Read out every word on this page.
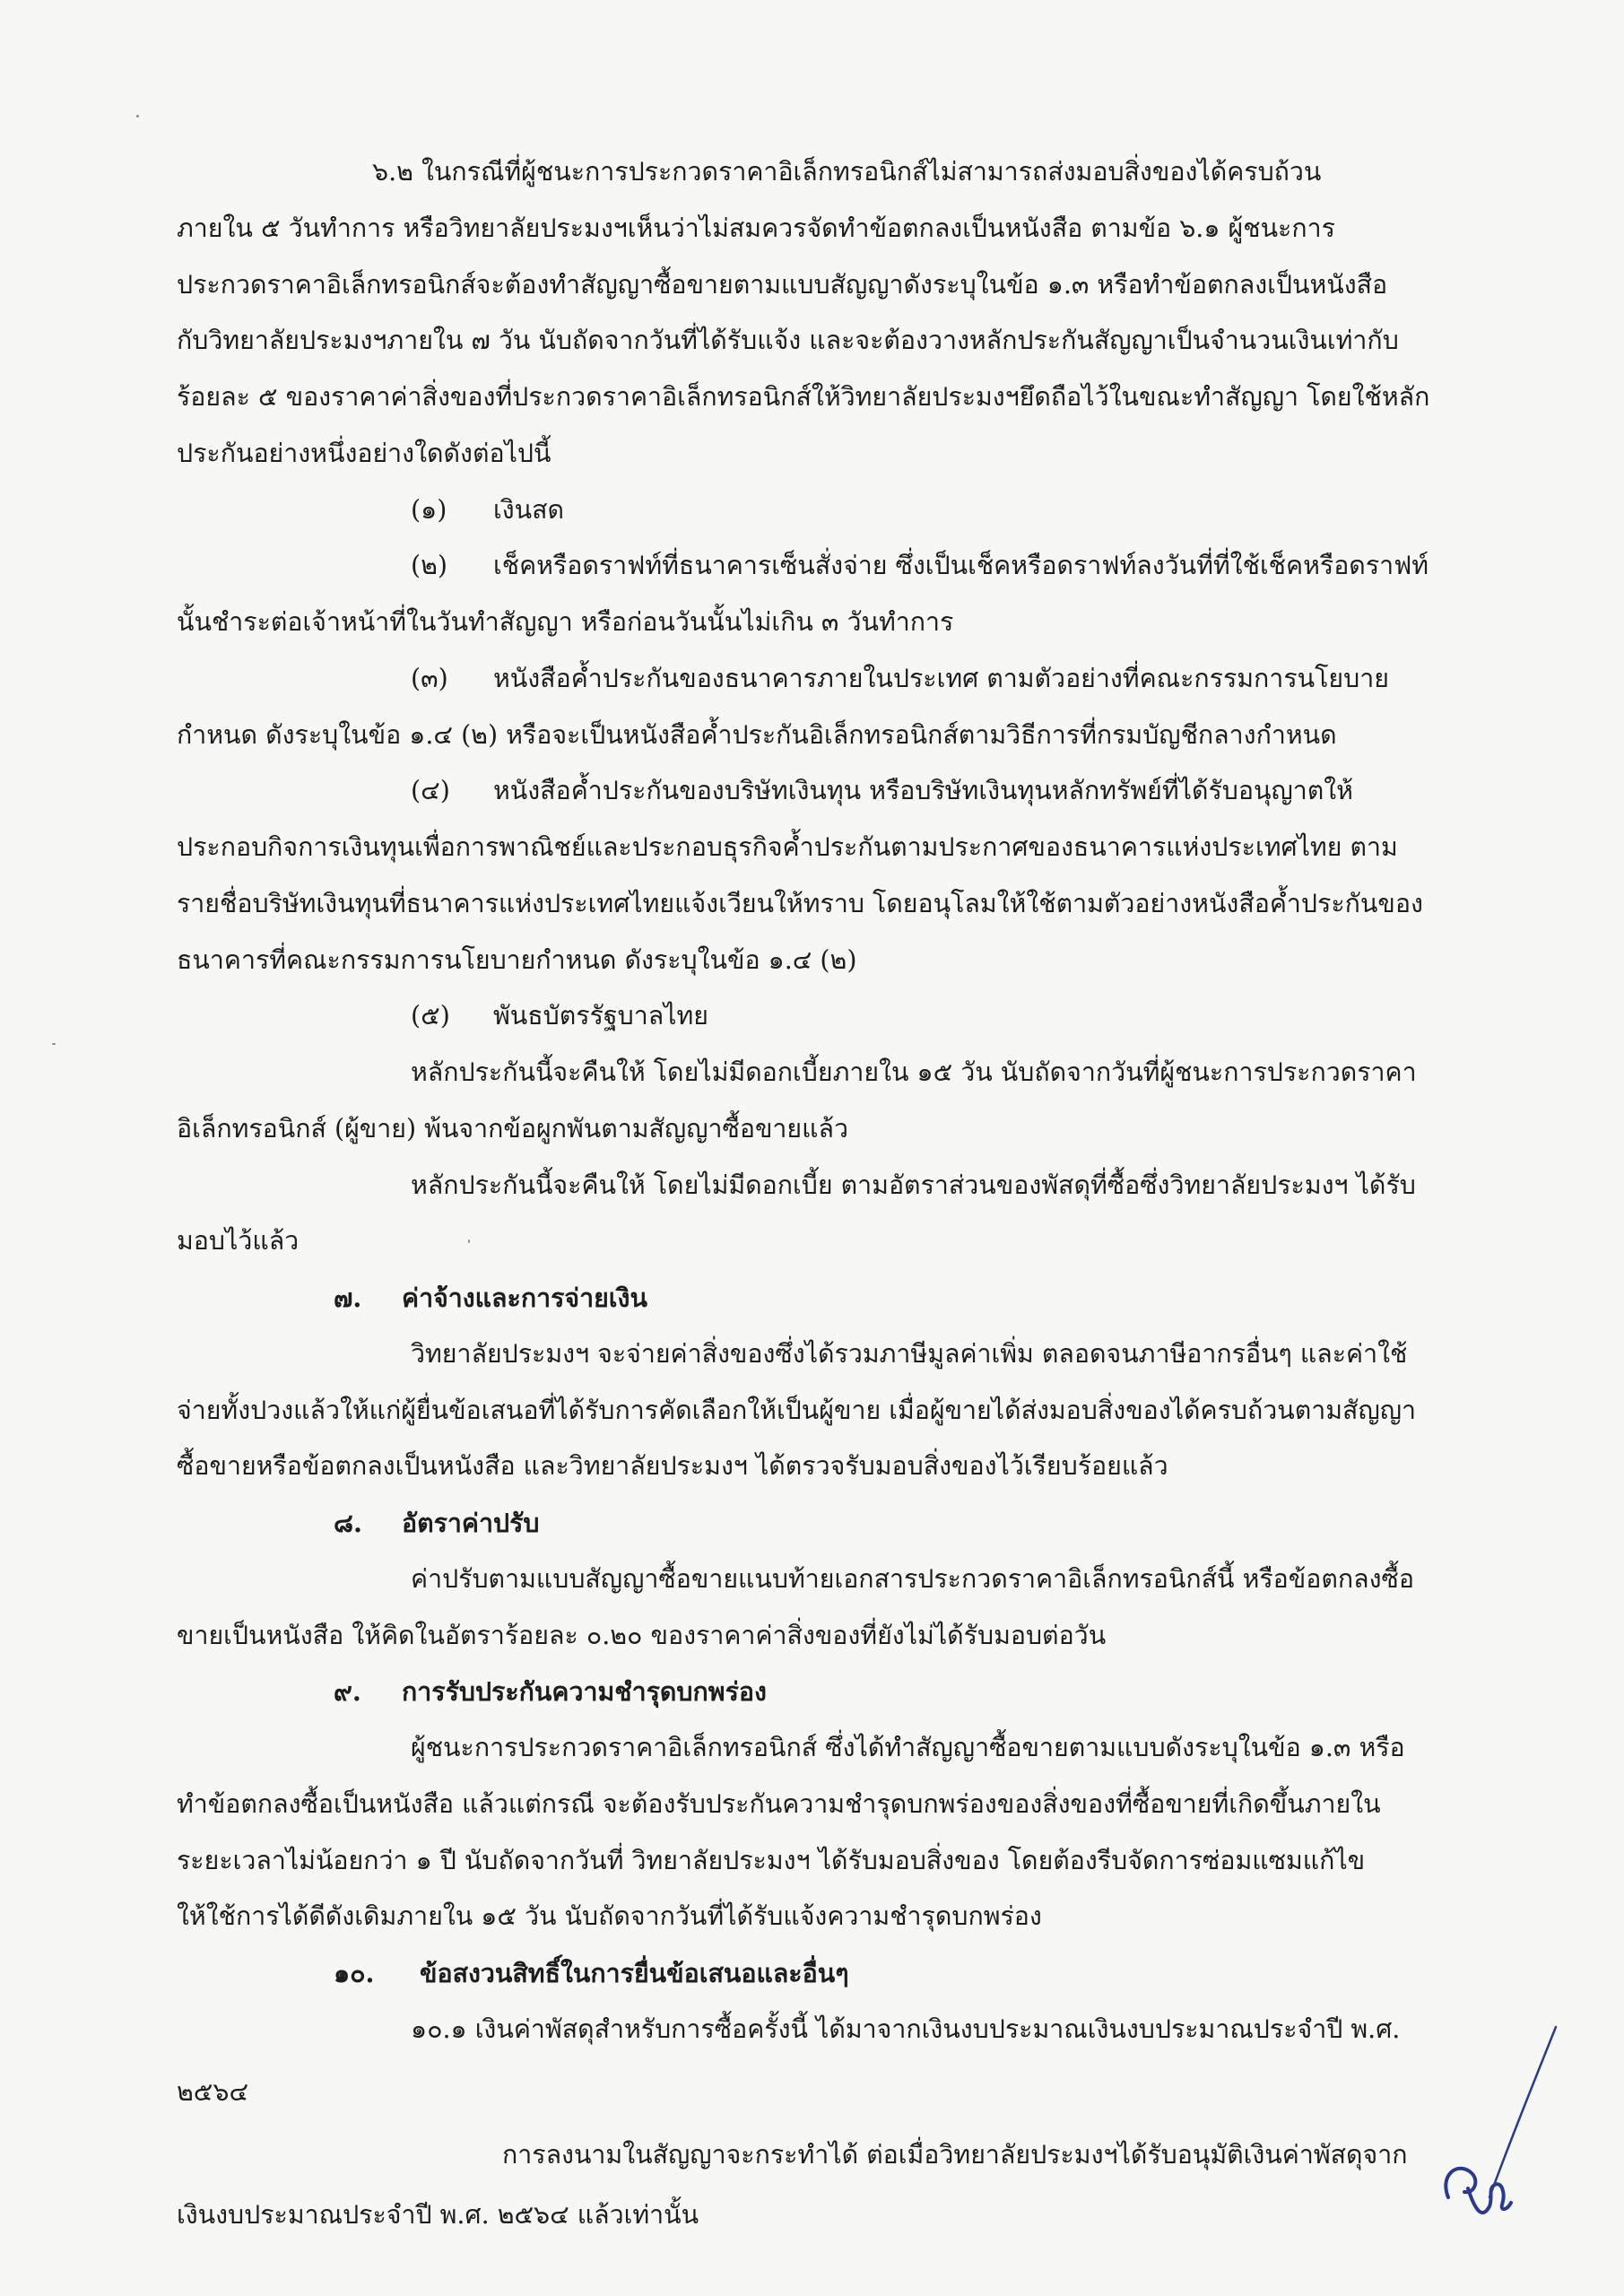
๖.๒ ในกรณีที่ผู้ชนะการประกวดราคาอิเล็กทรอนิกส์ไม่สามารถส่งมอบสิ่งของได้ครบถ้วน
ภายใน ๕ วันทำการ หรือวิทยาลัยประมงฯเห็นว่าไม่สมควรจัดทำข้อตกลงเป็นหนังสือ ตามข้อ ๖.๑ ผู้ชนะการ
ประกวดราคาอิเล็กทรอนิกส์จะต้องทำสัญญาซื้อขายตามแบบสัญญาดังระบุในข้อ ๑.๓ หรือทำข้อตกลงเป็นหนังสือ
กับวิทยาลัยประมงฯภายใน ๗ วัน นับถัดจากวันที่ได้รับแจ้ง และจะต้องวางหลักประกันสัญญาเป็นจำนวนเงินเท่ากับ
ร้อยละ ๕ ของราคาค่าสิ่งของที่ประกวดราคาอิเล็กทรอนิกส์ให้วิทยาลัยประมงฯยึดถือไว้ในขณะทำสัญญา โดยใช้หลัก
ประกันอย่างหนึ่งอย่างใดดังต่อไปนี้
(๑) เงินสด
(๒) เช็คหรือดราฟท์ที่ธนาคารเซ็นสั่งจ่าย ซึ่งเป็นเช็คหรือดราฟท์ลงวันที่ที่ใช้เช็คหรือดราฟท์
นั้นชำระต่อเจ้าหน้าที่ในวันทำสัญญา หรือก่อนวันนั้นไม่เกิน ๓ วันทำการ
(๓) หนังสือค้ำประกันของธนาคารภายในประเทศ ตามตัวอย่างที่คณะกรรมการนโยบาย
กำหนด ดังระบุในข้อ ๑.๔ (๒) หรือจะเป็นหนังสือค้ำประกันอิเล็กทรอนิกส์ตามวิธีการที่กรมบัญชีกลางกำหนด
(๔) หนังสือค้ำประกันของบริษัทเงินทุน หรือบริษัทเงินทุนหลักทรัพย์ที่ได้รับอนุญาตให้
ประกอบกิจการเงินทุนเพื่อการพาณิชย์และประกอบธุรกิจค้ำประกันตามประกาศของธนาคารแห่งประเทศไทย ตาม
รายชื่อบริษัทเงินทุนที่ธนาคารแห่งประเทศไทยแจ้งเวียนให้ทราบ โดยอนุโลมให้ใช้ตามตัวอย่างหนังสือค้ำประกันของ
ธนาคารที่คณะกรรมการนโยบายกำหนด ดังระบุในข้อ ๑.๔ (๒)
(๕) พันธบัตรรัฐบาลไทย
หลักประกันนี้จะคืนให้ โดยไม่มีดอกเบี้ยภายใน ๑๕ วัน นับถัดจากวันที่ผู้ชนะการประกวดราคา
อิเล็กทรอนิกส์ (ผู้ขาย) พ้นจากข้อผูกพันตามสัญญาซื้อขายแล้ว
หลักประกันนี้จะคืนให้ โดยไม่มีดอกเบี้ย ตามอัตราส่วนของพัสดุที่ซื้อซึ่งวิทยาลัยประมงฯ ได้รับ
มอบไว้แล้ว
๗. ค่าจ้างและการจ่ายเงิน
วิทยาลัยประมงฯ จะจ่ายค่าสิ่งของซึ่งได้รวมภาษีมูลค่าเพิ่ม ตลอดจนภาษีอากรอื่นๆ และค่าใช้
จ่ายทั้งปวงแล้วให้แก่ผู้ยื่นข้อเสนอที่ได้รับการคัดเลือกให้เป็นผู้ขาย เมื่อผู้ขายได้ส่งมอบสิ่งของได้ครบถ้วนตามสัญญา
ซื้อขายหรือข้อตกลงเป็นหนังสือ และวิทยาลัยประมงฯ ได้ตรวจรับมอบสิ่งของไว้เรียบร้อยแล้ว
๘. อัตราค่าปรับ
ค่าปรับตามแบบสัญญาซื้อขายแนบท้ายเอกสารประกวดราคาอิเล็กทรอนิกส์นี้ หรือข้อตกลงซื้อ
ขายเป็นหนังสือ ให้คิดในอัตราร้อยละ ๐.๒๐ ของราคาค่าสิ่งของที่ยังไม่ได้รับมอบต่อวัน
๙. การรับประกันความชำรุดบกพร่อง
ผู้ชนะการประกวดราคาอิเล็กทรอนิกส์ ซึ่งได้ทำสัญญาซื้อขายตามแบบดังระบุในข้อ ๑.๓ หรือ
ทำข้อตกลงซื้อเป็นหนังสือ แล้วแต่กรณี จะต้องรับประกันความชำรุดบกพร่องของสิ่งของที่ซื้อขายที่เกิดขึ้นภายใน
ระยะเวลาไม่น้อยกว่า ๑ ปี นับถัดจากวันที่ วิทยาลัยประมงฯ ได้รับมอบสิ่งของ โดยต้องรีบจัดการซ่อมแซมแก้ไข
ให้ใช้การได้ดีดังเดิมภายใน ๑๕ วัน นับถัดจากวันที่ได้รับแจ้งความชำรุดบกพร่อง
๑๐. ข้อสงวนสิทธิ์ในการยื่นข้อเสนอและอื่นๆ
๑๐.๑ เงินค่าพัสดุสำหรับการซื้อครั้งนี้ ได้มาจากเงินงบประมาณเงินงบประมาณประจำปี พ.ศ.
๒๕๖๔
การลงนามในสัญญาจะกระทำได้ ต่อเมื่อวิทยาลัยประมงฯได้รับอนุมัติเงินค่าพัสดุจาก
เงินงบประมาณประจำปี พ.ศ. ๒๕๖๔ แล้วเท่านั้น
